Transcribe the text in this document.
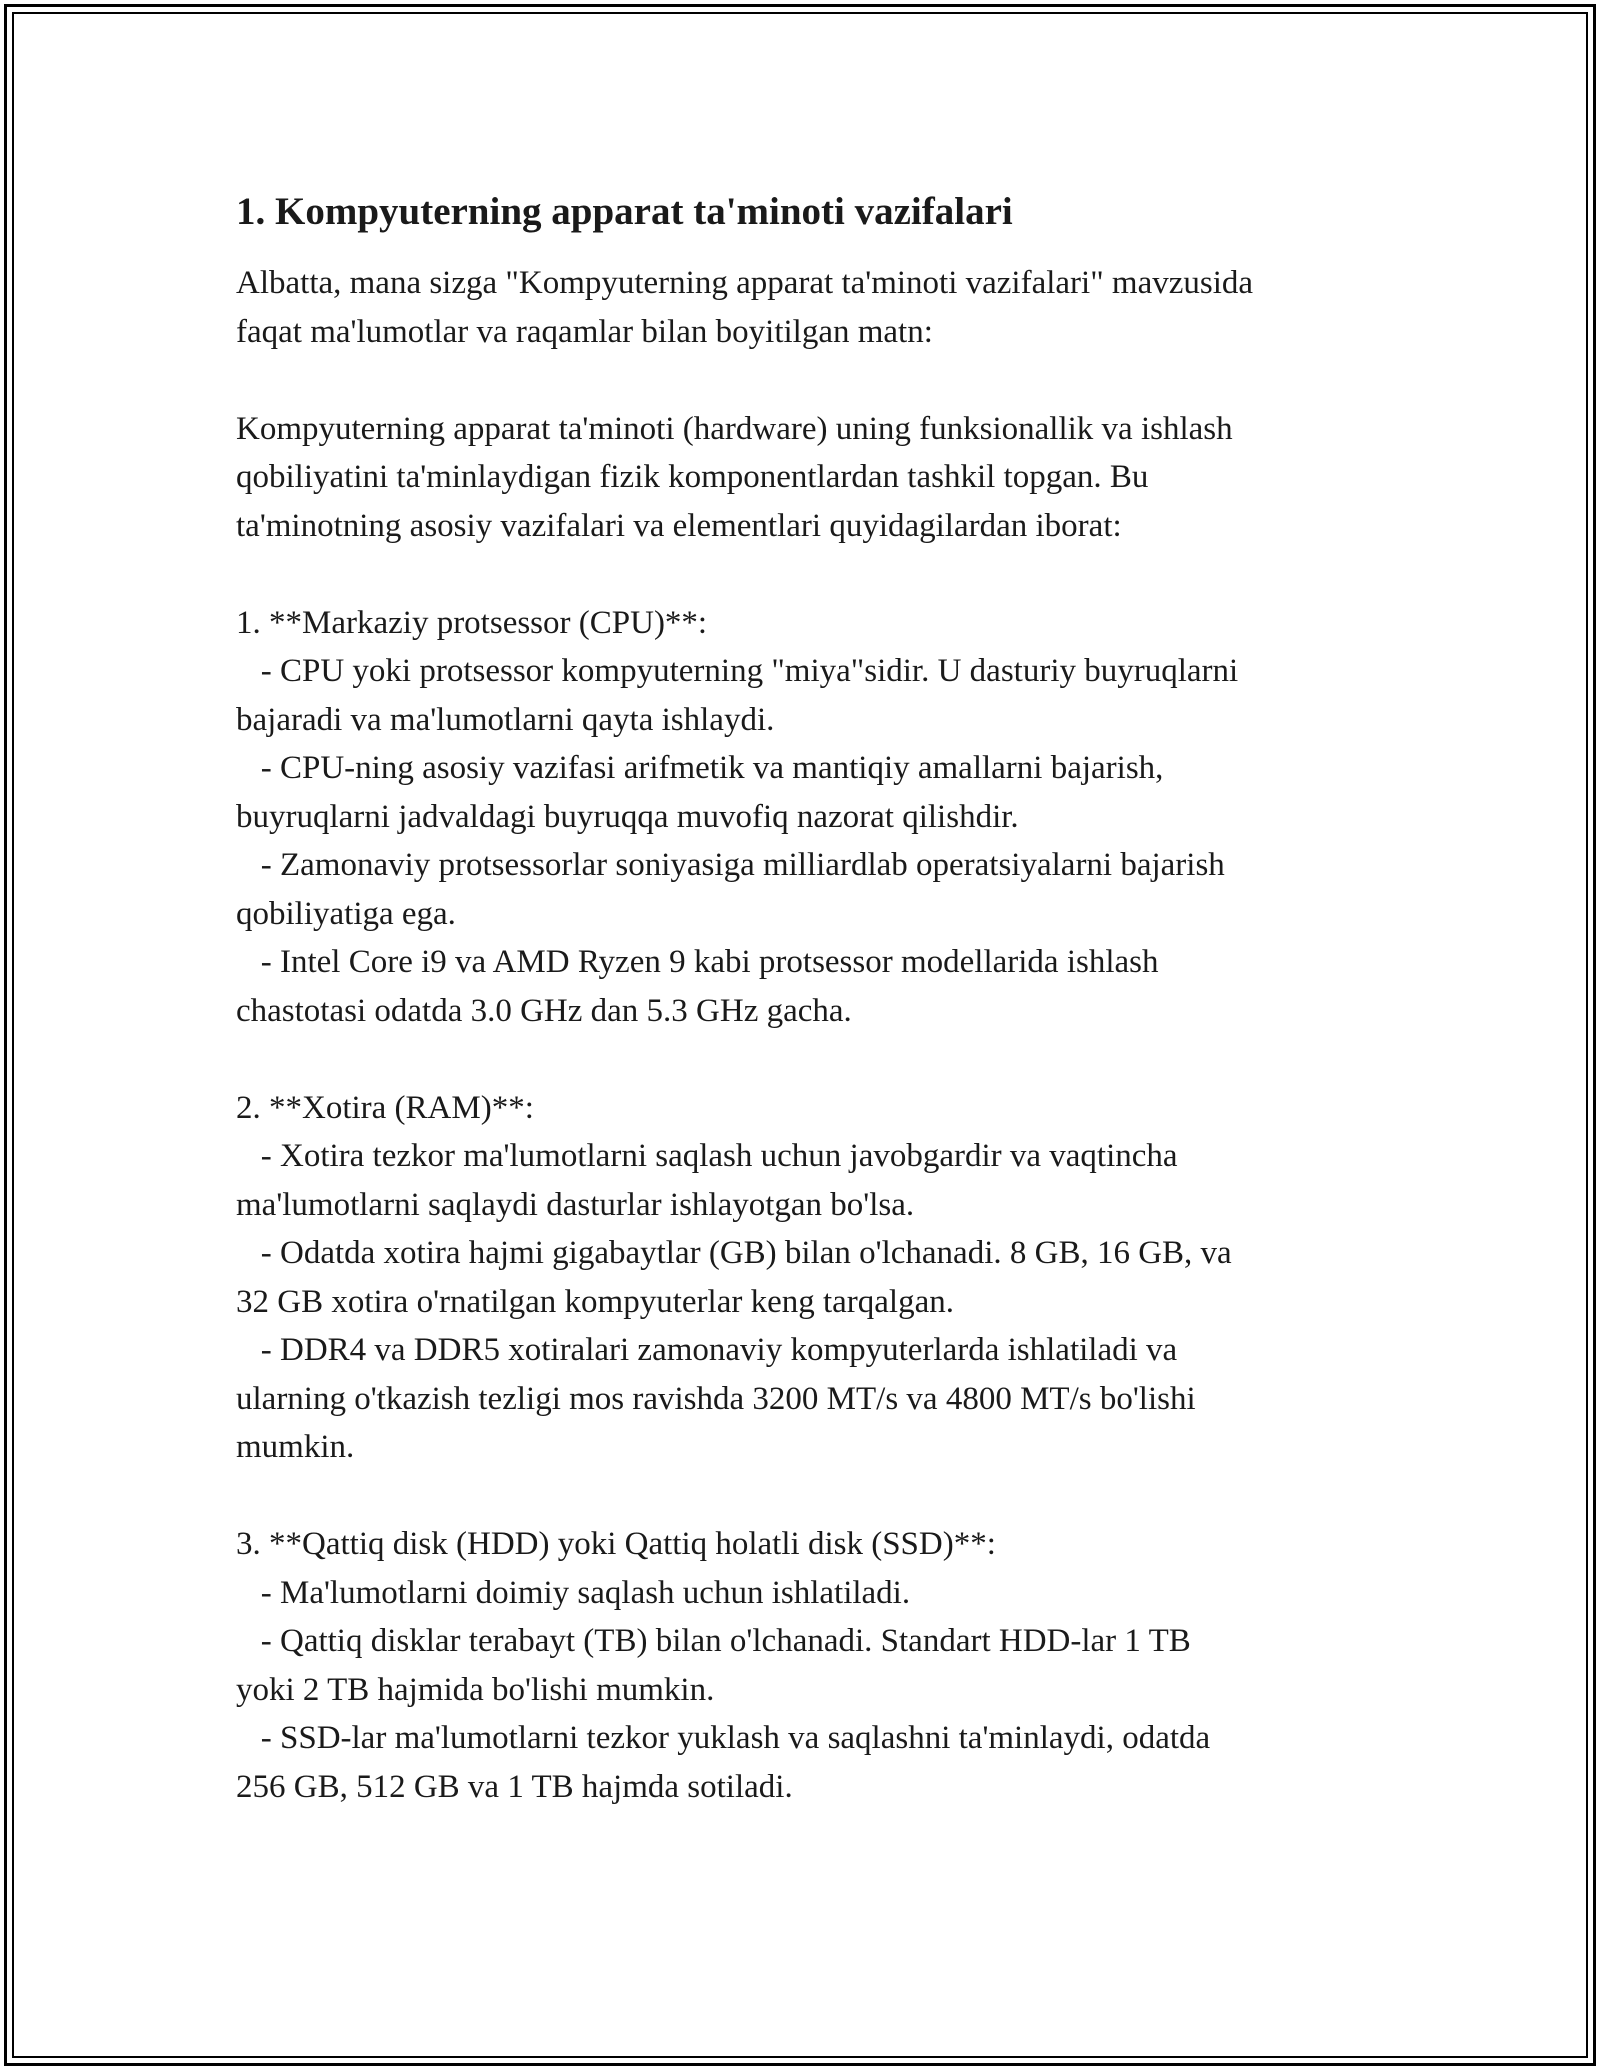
1. Kompyuterning apparat ta'minoti vazifalari
Albatta, mana sizga "Kompyuterning apparat ta'minoti vazifalari" mavzusida
faqat ma'lumotlar va raqamlar bilan boyitilgan matn:
Kompyuterning apparat ta'minoti (hardware) uning funksionallik va ishlash
qobiliyatini ta'minlaydigan fizik komponentlardan tashkil topgan. Bu
ta'minotning asosiy vazifalari va elementlari quyidagilardan iborat:
1. **Markaziy protsessor (CPU)**:
- CPU yoki protsessor kompyuterning "miya"sidir. U dasturiy buyruqlarni
bajaradi va ma'lumotlarni qayta ishlaydi.
- CPU-ning asosiy vazifasi arifmetik va mantiqiy amallarni bajarish,
buyruqlarni jadvaldagi buyruqqa muvofiq nazorat qilishdir.
- Zamonaviy protsessorlar soniyasiga milliardlab operatsiyalarni bajarish
qobiliyatiga ega.
- Intel Core i9 va AMD Ryzen 9 kabi protsessor modellarida ishlash
chastotasi odatda 3.0 GHz dan 5.3 GHz gacha.
2. **Xotira (RAM)**:
- Xotira tezkor ma'lumotlarni saqlash uchun javobgardir va vaqtincha
ma'lumotlarni saqlaydi dasturlar ishlayotgan bo'lsa.
- Odatda xotira hajmi gigabaytlar (GB) bilan o'lchanadi. 8 GB, 16 GB, va
32 GB xotira o'rnatilgan kompyuterlar keng tarqalgan.
- DDR4 va DDR5 xotiralari zamonaviy kompyuterlarda ishlatiladi va
ularning o'tkazish tezligi mos ravishda 3200 MT/s va 4800 MT/s bo'lishi
mumkin.
3. **Qattiq disk (HDD) yoki Qattiq holatli disk (SSD)**:
- Ma'lumotlarni doimiy saqlash uchun ishlatiladi.
- Qattiq disklar terabayt (TB) bilan o'lchanadi. Standart HDD-lar 1 TB
yoki 2 TB hajmida bo'lishi mumkin.
- SSD-lar ma'lumotlarni tezkor yuklash va saqlashni ta'minlaydi, odatda
256 GB, 512 GB va 1 TB hajmda sotiladi.
